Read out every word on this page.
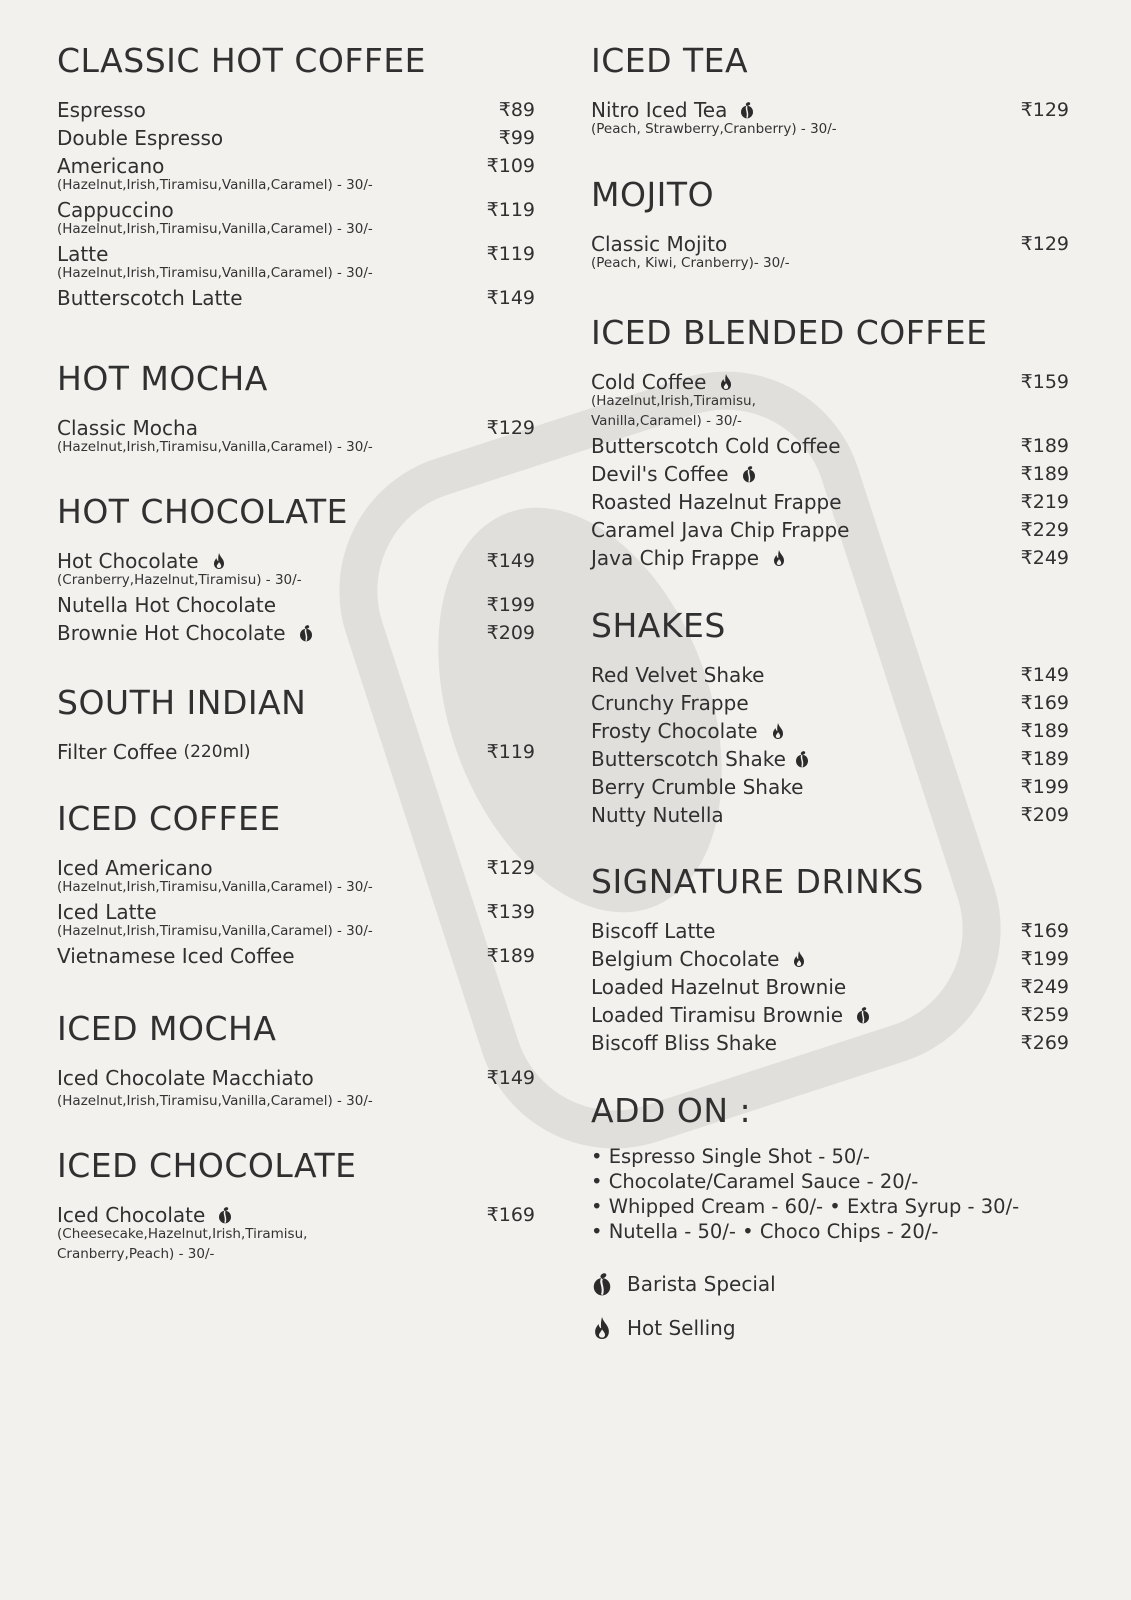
CLASSIC HOT COFFEE
Espresso	₹89
Double Espresso	₹99
Americano	₹109
(Hazelnut,Irish,Tiramisu,Vanilla,Caramel) - 30/-
Cappuccino	₹119
(Hazelnut,Irish,Tiramisu,Vanilla,Caramel) - 30/-
Latte	₹119
(Hazelnut,Irish,Tiramisu,Vanilla,Caramel) - 30/-
Butterscotch Latte	₹149
HOT MOCHA
Classic Mocha	₹129
(Hazelnut,Irish,Tiramisu,Vanilla,Caramel) - 30/-
HOT CHOCOLATE
Hot Chocolate	₹149
(Cranberry,Hazelnut,Tiramisu) - 30/-
Nutella Hot Chocolate	₹199
Brownie Hot Chocolate	₹209
SOUTH INDIAN
Filter Coffee (220ml)	₹119
ICED COFFEE
Iced Americano	₹129
(Hazelnut,Irish,Tiramisu,Vanilla,Caramel) - 30/-
Iced Latte	₹139
(Hazelnut,Irish,Tiramisu,Vanilla,Caramel) - 30/-
Vietnamese Iced Coffee	₹189
ICED MOCHA
Iced Chocolate Macchiato	₹149
(Hazelnut,Irish,Tiramisu,Vanilla,Caramel) - 30/-
ICED CHOCOLATE
Iced Chocolate	₹169
(Cheesecake,Hazelnut,Irish,Tiramisu,
Cranberry,Peach) - 30/-
ICED TEA
Nitro Iced Tea	₹129
(Peach, Strawberry,Cranberry) - 30/-
MOJITO
Classic Mojito	₹129
(Peach, Kiwi, Cranberry)- 30/-
ICED BLENDED COFFEE
Cold Coffee	₹159
(Hazelnut,Irish,Tiramisu,
Vanilla,Caramel) - 30/-
Butterscotch Cold Coffee	₹189
Devil's Coffee	₹189
Roasted Hazelnut Frappe	₹219
Caramel Java Chip Frappe	₹229
Java Chip Frappe	₹249
SHAKES
Red Velvet Shake	₹149
Crunchy Frappe	₹169
Frosty Chocolate	₹189
Butterscotch Shake	₹189
Berry Crumble Shake	₹199
Nutty Nutella	₹209
SIGNATURE DRINKS
Biscoff Latte	₹169
Belgium Chocolate	₹199
Loaded Hazelnut Brownie	₹249
Loaded Tiramisu Brownie	₹259
Biscoff Bliss Shake	₹269
ADD ON :
• Espresso Single Shot - 50/-
• Chocolate/Caramel Sauce - 20/-
• Whipped Cream - 60/- • Extra Syrup - 30/-
• Nutella - 50/- • Choco Chips - 20/-
Barista Special
Hot Selling
